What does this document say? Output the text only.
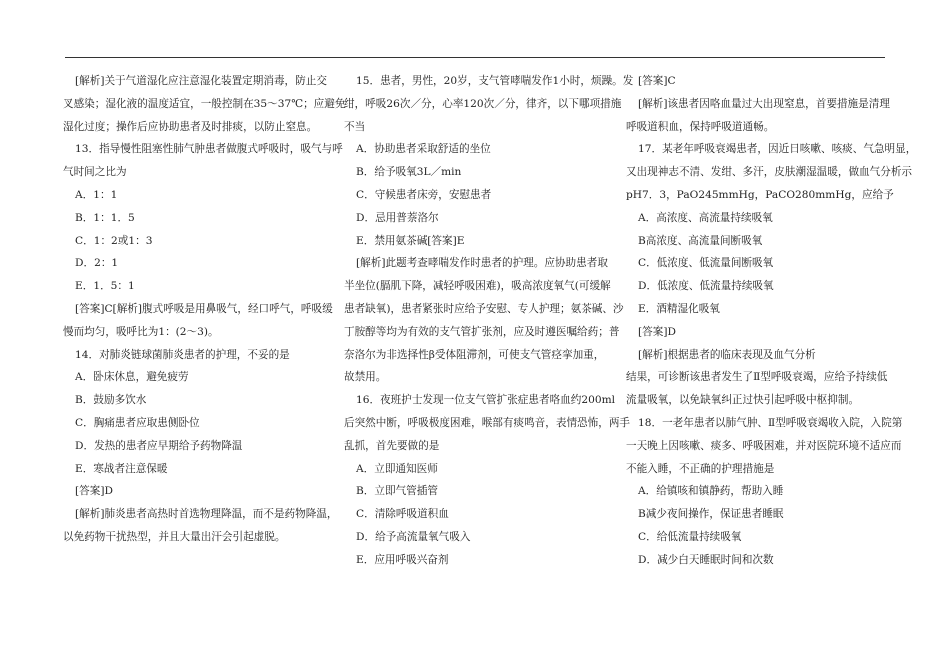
[解析]关于气道湿化应注意湿化装置定期消毒，防止交

叉感染；湿化液的温度适宜，一般控制在35～37℃；应避免

湿化过度；操作后应协助患者及时排痰，以防止窒息。

13．指导慢性阻塞性肺气肿患者做腹式呼吸时，吸气与呼

气时间之比为

A．1：1

B．1：1．5

C．1：2或1：3

D．2：1

E．1．5：1

[答案]C[解析]腹式呼吸是用鼻吸气，经口呼气，呼吸缓

慢而均匀，吸呼比为1：(2～3)。

14．对肺炎链球菌肺炎患者的护理，不妥的是

A．卧床休息，避免疲劳

B．鼓励多饮水

C．胸痛患者应取患侧卧位

D．发热的患者应早期给予药物降温

E．寒战者注意保暖

[答案]D

[解析]肺炎患者高热时首选物理降温，而不是药物降温，

以免药物干扰热型，并且大量出汗会引起虚脱。

15．患者，男性，20岁，支气管哮喘发作1小时，烦躁。发

绀，呼吸26次／分，心率120次／分，律齐，以下哪项措施

不当

A．协助患者采取舒适的坐位

B．给予吸氧3L／min

C．守候患者床旁，安慰患者

D．忌用普萘洛尔

E．禁用氨茶碱[答案]E

[解析]此题考查哮喘发作时患者的护理。应协助患者取

半坐位(膈肌下降，减轻呼吸困难)，吸高浓度氧气(可缓解

患者缺氧)，患者紧张时应给予安慰、专人护理；氨茶碱、沙

丁胺醇等均为有效的支气管扩张剂，应及时遵医嘱给药；普

奈洛尔为非选择性β受体阻滞剂，可使支气管痉挛加重，

故禁用。

16．夜班护士发现一位支气管扩张症患者咯血约200ml

后突然中断，呼吸极度困难，喉部有痰鸣音，表情恐怖，两手

乱抓，首先要做的是

A．立即通知医师

B．立即气管插管

C．清除呼吸道积血

D．给予高流量氧气吸入

E．应用呼吸兴奋剂

[答案]C

[解析]该患者因咯血量过大出现窒息，首要措施是清理

呼吸道积血，保持呼吸道通畅。

17．某老年呼吸衰竭患者，因近日咳嗽、咳痰、气急明显，

又出现神志不清、发绀、多汗，皮肤潮湿温暖，做血气分析示

pH7．3，PaO245mmHg，PaCO280mmHg，应给予

A．高浓度、高流量持续吸氧

B高浓度、高流量间断吸氧

C．低浓度、低流量间断吸氧

D．低浓度、低流量持续吸氧

E．酒精湿化吸氧

[答案]D

[解析]根据患者的临床表现及血气分析

结果，可诊断该患者发生了Ⅱ型呼吸衰竭，应给予持续低

流量吸氧，以免缺氧纠正过快引起呼吸中枢抑制。

18．一老年患者以肺气肿、Ⅱ型呼吸衰竭收入院，入院第

一天晚上因咳嗽、痰多、呼吸困难，并对医院环境不适应而

不能入睡，不正确的护理措施是

A．给镇咳和镇静药，帮助入睡

B减少夜间操作，保证患者睡眠

C．给低流量持续吸氧

D．减少白天睡眠时间和次数
